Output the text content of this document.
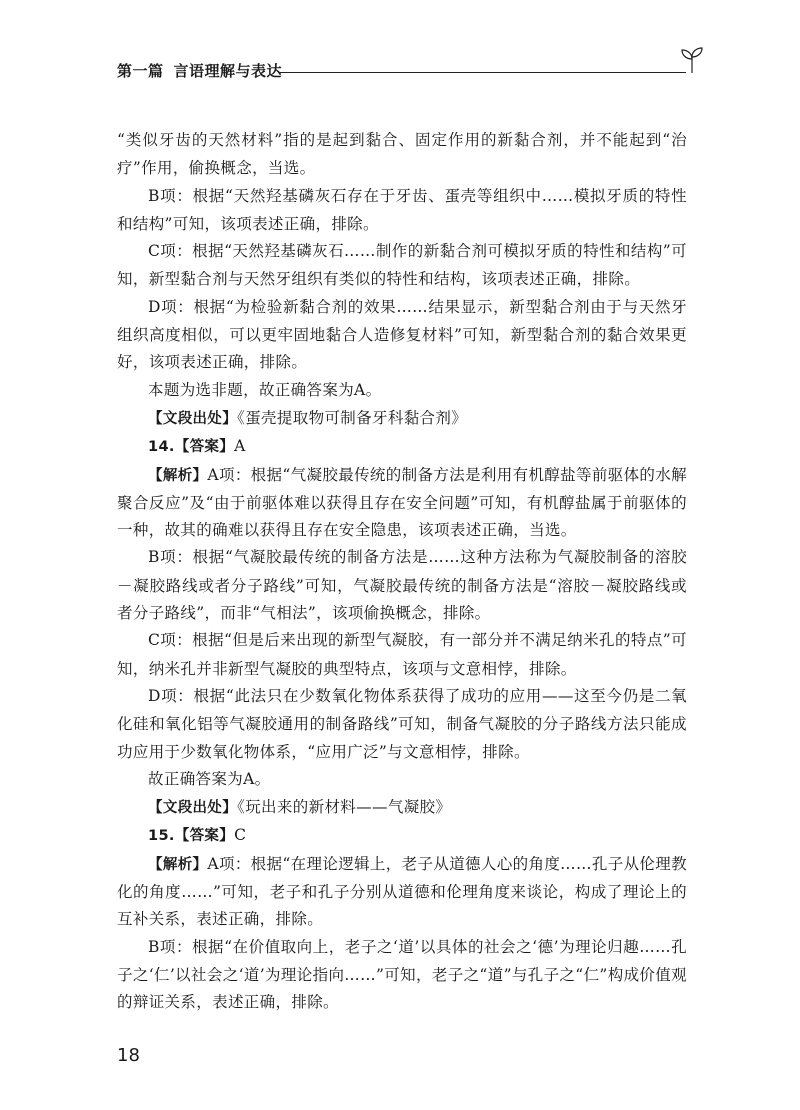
第一篇 言语理解与表达

“类似牙齿的天然材料”指的是起到黏合、固定作用的新黏合剂，并不能起到“治疗”作用，偷换概念，当选。

B项：根据“天然羟基磷灰石存在于牙齿、蛋壳等组织中……模拟牙质的特性和结构”可知，该项表述正确，排除。

C项：根据“天然羟基磷灰石……制作的新黏合剂可模拟牙质的特性和结构”可知，新型黏合剂与天然牙组织有类似的特性和结构，该项表述正确，排除。

D项：根据“为检验新黏合剂的效果……结果显示，新型黏合剂由于与天然牙组织高度相似，可以更牢固地黏合人造修复材料”可知，新型黏合剂的黏合效果更好，该项表述正确，排除。

本题为选非题，故正确答案为A。

【文段出处】《蛋壳提取物可制备牙科黏合剂》

14.【答案】A

【解析】A项：根据“气凝胶最传统的制备方法是利用有机醇盐等前驱体的水解聚合反应”及“由于前驱体难以获得且存在安全问题”可知，有机醇盐属于前驱体的一种，故其的确难以获得且存在安全隐患，该项表述正确，当选。

B项：根据“气凝胶最传统的制备方法是……这种方法称为气凝胶制备的溶胶－凝胶路线或者分子路线”可知，气凝胶最传统的制备方法是“溶胶－凝胶路线或者分子路线”，而非“气相法”，该项偷换概念，排除。

C项：根据“但是后来出现的新型气凝胶，有一部分并不满足纳米孔的特点”可知，纳米孔并非新型气凝胶的典型特点，该项与文意相悖，排除。

D项：根据“此法只在少数氧化物体系获得了成功的应用——这至今仍是二氧化硅和氧化铝等气凝胶通用的制备路线”可知，制备气凝胶的分子路线方法只能成功应用于少数氧化物体系，“应用广泛”与文意相悖，排除。

故正确答案为A。

【文段出处】《玩出来的新材料——气凝胶》

15.【答案】C

【解析】A项：根据“在理论逻辑上，老子从道德人心的角度……孔子从伦理教化的角度……”可知，老子和孔子分别从道德和伦理角度来谈论，构成了理论上的互补关系，表述正确，排除。

B项：根据“在价值取向上，老子之‘道’以具体的社会之‘德’为理论归趣……孔子之‘仁’以社会之‘道’为理论指向……”可知，老子之“道”与孔子之“仁”构成价值观的辩证关系，表述正确，排除。

18
